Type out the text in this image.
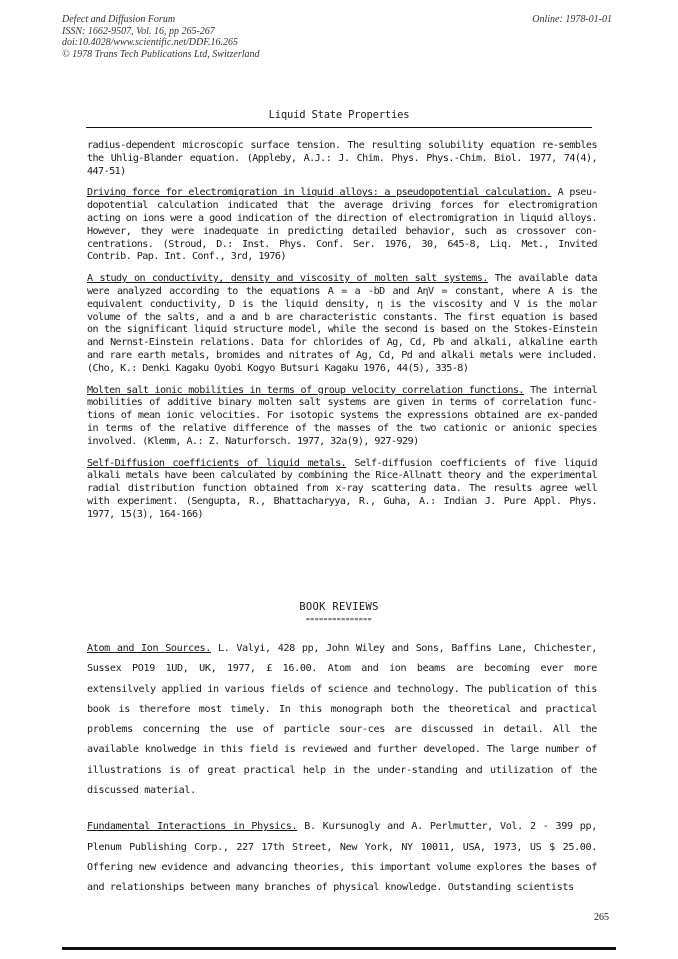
Defect and Diffusion Forum
ISSN: 1662-9507, Vol. 16, pp 265-267
doi:10.4028/www.scientific.net/DDF.16.265
© 1978 Trans Tech Publications Ltd, Switzerland
Online: 1978-01-01
Liquid State Properties

radius-dependent microscopic surface tension. The resulting solubility equation re-sembles the Uhlig-Blander equation. (Appleby, A.J.: J. Chim. Phys. Phys.-Chim. Biol. 1977, 74(4), 447-51)

Driving force for electromigration in liquid alloys: a pseudopotential calculation. A pseu-dopotential calculation indicated that the average driving forces for electromigration acting on ions were a good indication of the direction of electromigration in liquid alloys. However, they were inadequate in predicting detailed behavior, such as crossover con-centrations. (Stroud, D.: Inst. Phys. Conf. Ser. 1976, 30, 645-8, Liq. Met., Invited Contrib. Pap. Int. Conf., 3rd, 1976)

A study on conductivity, density and viscosity of molten salt systems. The available data were analyzed according to the equations A = a -bD and AηV = constant, where A is the equivalent conductivity, D is the liquid density, η is the viscosity and V is the molar volume of the salts, and a and b are characteristic constants. The first equation is based on the significant liquid structure model, while the second is based on the Stokes-Einstein and Nernst-Einstein relations. Data for chlorides of Ag, Cd, Pb and alkali, alkaline earth and rare earth metals, bromides and nitrates of Ag, Cd, Pd and alkali metals were included. (Cho, K.: Denki Kagaku Oyobi Kogyo Butsuri Kagaku 1976, 44(5), 335-8)

Molten salt ionic mobilities in terms of group velocity correlation functions. The internal mobilities of additive binary molten salt systems are given in terms of correlation func-tions of mean ionic velocities. For isotopic systems the expressions obtained are ex-panded in terms of the relative difference of the masses of the two cationic or anionic species involved. (Klemm, A.: Z. Naturforsch. 1977, 32a(9), 927-929)

Self-Diffusion coefficients of liquid metals. Self-diffusion coefficients of five liquid alkali metals have been calculated by combining the Rice-Allnatt theory and the experimental radial distribution function obtained from x-ray scattering data. The results agree well with experiment. (Sengupta, R., Bhattacharyya, R., Guha, A.: Indian J. Pure Appl. Phys. 1977, 15(3), 164-166)

BOOK REVIEWS
===============

Atom and Ion Sources. L. Valyi, 428 pp, John Wiley and Sons, Baffins Lane, Chichester, Sussex PO19 1UD, UK, 1977, £ 16.00. Atom and ion beams are becoming ever more extensilvely applied in various fields of science and technology. The publication of this book is therefore most timely. In this monograph both the theoretical and practical problems concerning the use of particle sour-ces are discussed in detail. All the available knolwedge in this field is reviewed and further developed. The large number of illustrations is of great practical help in the under-standing and utilization of the discussed material.

Fundamental Interactions in Physics. B. Kursunogly and A. Perlmutter, Vol. 2 - 399 pp, Plenum Publishing Corp., 227 17th Street, New York, NY 10011, USA, 1973, US $ 25.00. Offering new evidence and advancing theories, this important volume explores the bases of and relationships between many branches of physical knowledge. Outstanding scientists

265
